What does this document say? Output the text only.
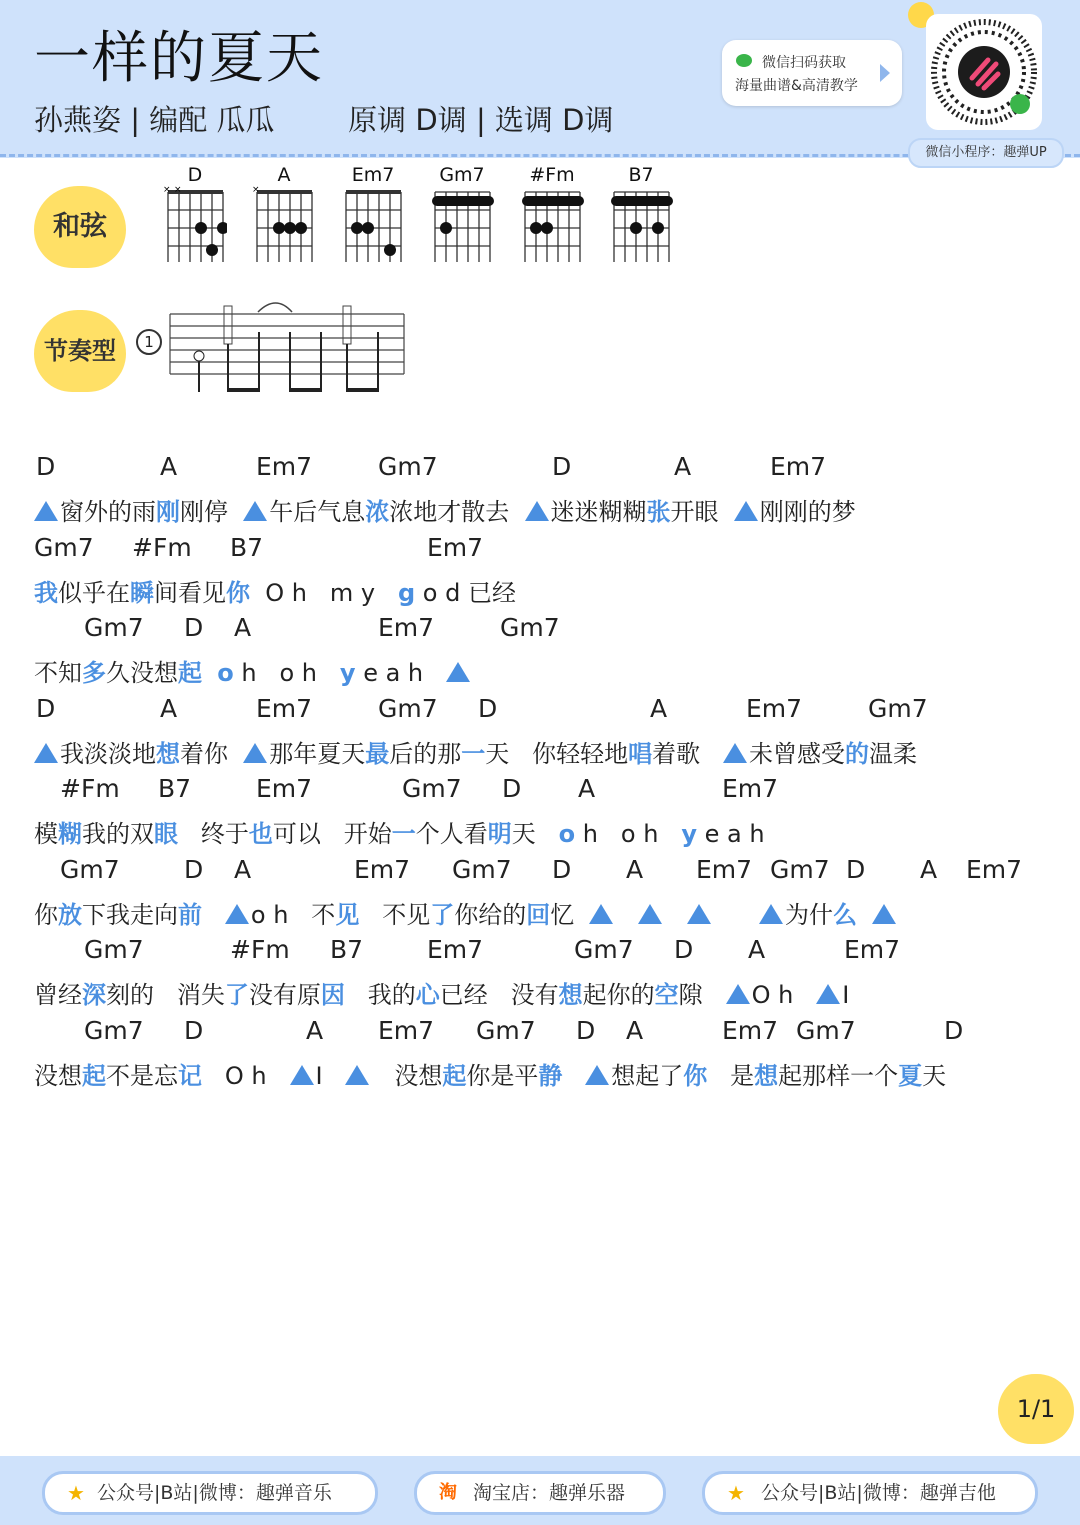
一样的夏天
孙燕姿 | 编配 瓜瓜        原调 D调 | 选调 D调
微信扫码获取
海量曲谱&高清教学
微信小程序：趣弹UP
和弦
节奏型
D
× ×
A
×
Em7	Gm7	#Fm	B7
1
D	A	Em7	Gm7	D	A	Em7
窗外的雨刚刚停  午后气息浓浓地才散去  迷迷糊糊张开眼  刚刚的梦
Gm7 #Fm B7	Em7
我似乎在瞬间看见你  O h   m y   g o d 已经
Gm7 D A	Em7	Gm7
不知多久没想起 o h   o h   y e a h
D	A	Em7	Gm7 D	A	Em7	Gm7
我淡淡地想着你  那年夏天最后的那一天   你轻轻地唱着歌   未曾感受的温柔
#Fm B7	Em7	Gm7 D A	Em7
模糊我的双眼   终于也可以   开始一个人看明天   o h   o h   y e a h
Gm7	D A	Em7 Gm7 D A Em7 Gm7 D A Em7
你放下我走向前 o h   不见   不见了你给的回忆	为什么
Gm7	#Fm B7	Em7	Gm7 D A	Em7
曾经深刻的   消失了没有原因   我的心已经   没有想起你的空隙   O h   I
Gm7 D	A Em7 Gm7 D A	Em7 Gm7	D
没想起不是忘记   O h   I      没想起你是平静 想起了你   是想起那样一个夏天
1/1
★ 公众号|B站|微博：趣弹音乐	淘 淘宝店：趣弹乐器	★ 公众号|B站|微博：趣弹吉他
